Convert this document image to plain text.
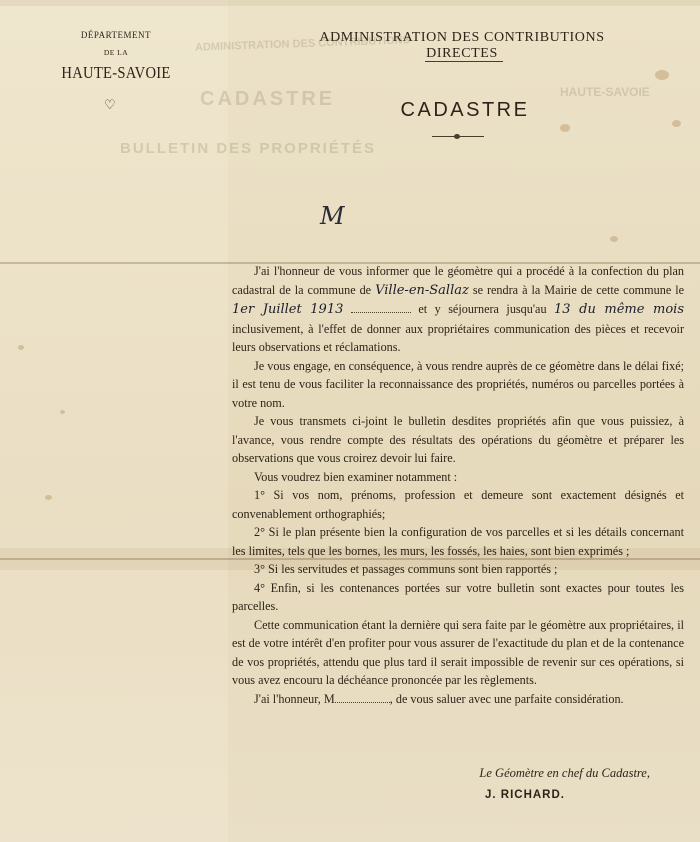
ADMINISTRATION DES CONTRIBUTIONS
CADASTRE
BULLETIN DES PROPRIÉTÉS
HAUTE-SAVOIE
DÉPARTEMENT
DE LA
HAUTE-SAVOIE
♡
ADMINISTRATION DES CONTRIBUTIONS DIRECTES
CADASTRE
M

J'ai l'honneur de vous informer que le géomètre qui a procédé à la confection du plan cadastral de la commune de Ville-en-Sallaz se rendra à la Mairie de cette commune le 1er Juillet 1913	et y séjournera jusqu'au 13 du même mois inclusivement, à l'effet de donner aux propriétaires communication des pièces et recevoir leurs observations et réclamations.

Je vous engage, en conséquence, à vous rendre auprès de ce géomètre dans le délai fixé; il est tenu de vous faciliter la reconnaissance des propriétés, numéros ou parcelles portées à votre nom.

Je vous transmets ci-joint le bulletin desdites propriétés afin que vous puissiez, à l'avance, vous rendre compte des résultats des opérations du géomètre et préparer les observations que vous croirez devoir lui faire.

Vous voudrez bien examiner notamment :

1° Si vos nom, prénoms, profession et demeure sont exactement désignés et convenablement orthographiés;

2° Si le plan présente bien la configuration de vos parcelles et si les détails concernant les limites, tels que les bornes, les murs, les fossés, les haies, sont bien exprimés ;

3° Si les servitudes et passages communs sont bien rapportés ;

4° Enfin, si les contenances portées sur votre bulletin sont exactes pour toutes les parcelles.

Cette communication étant la dernière qui sera faite par le géomètre aux propriétaires, il est de votre intérêt d'en profiter pour vous assurer de l'exactitude du plan et de la contenance de vos propriétés, attendu que plus tard il serait impossible de revenir sur ces opérations, si vous avez encouru la déchéance prononcée par les règlements.

J'ai l'honneur, M	, de vous saluer avec une parfaite considération.

Le Géomètre en chef du Cadastre,
J. RICHARD.
